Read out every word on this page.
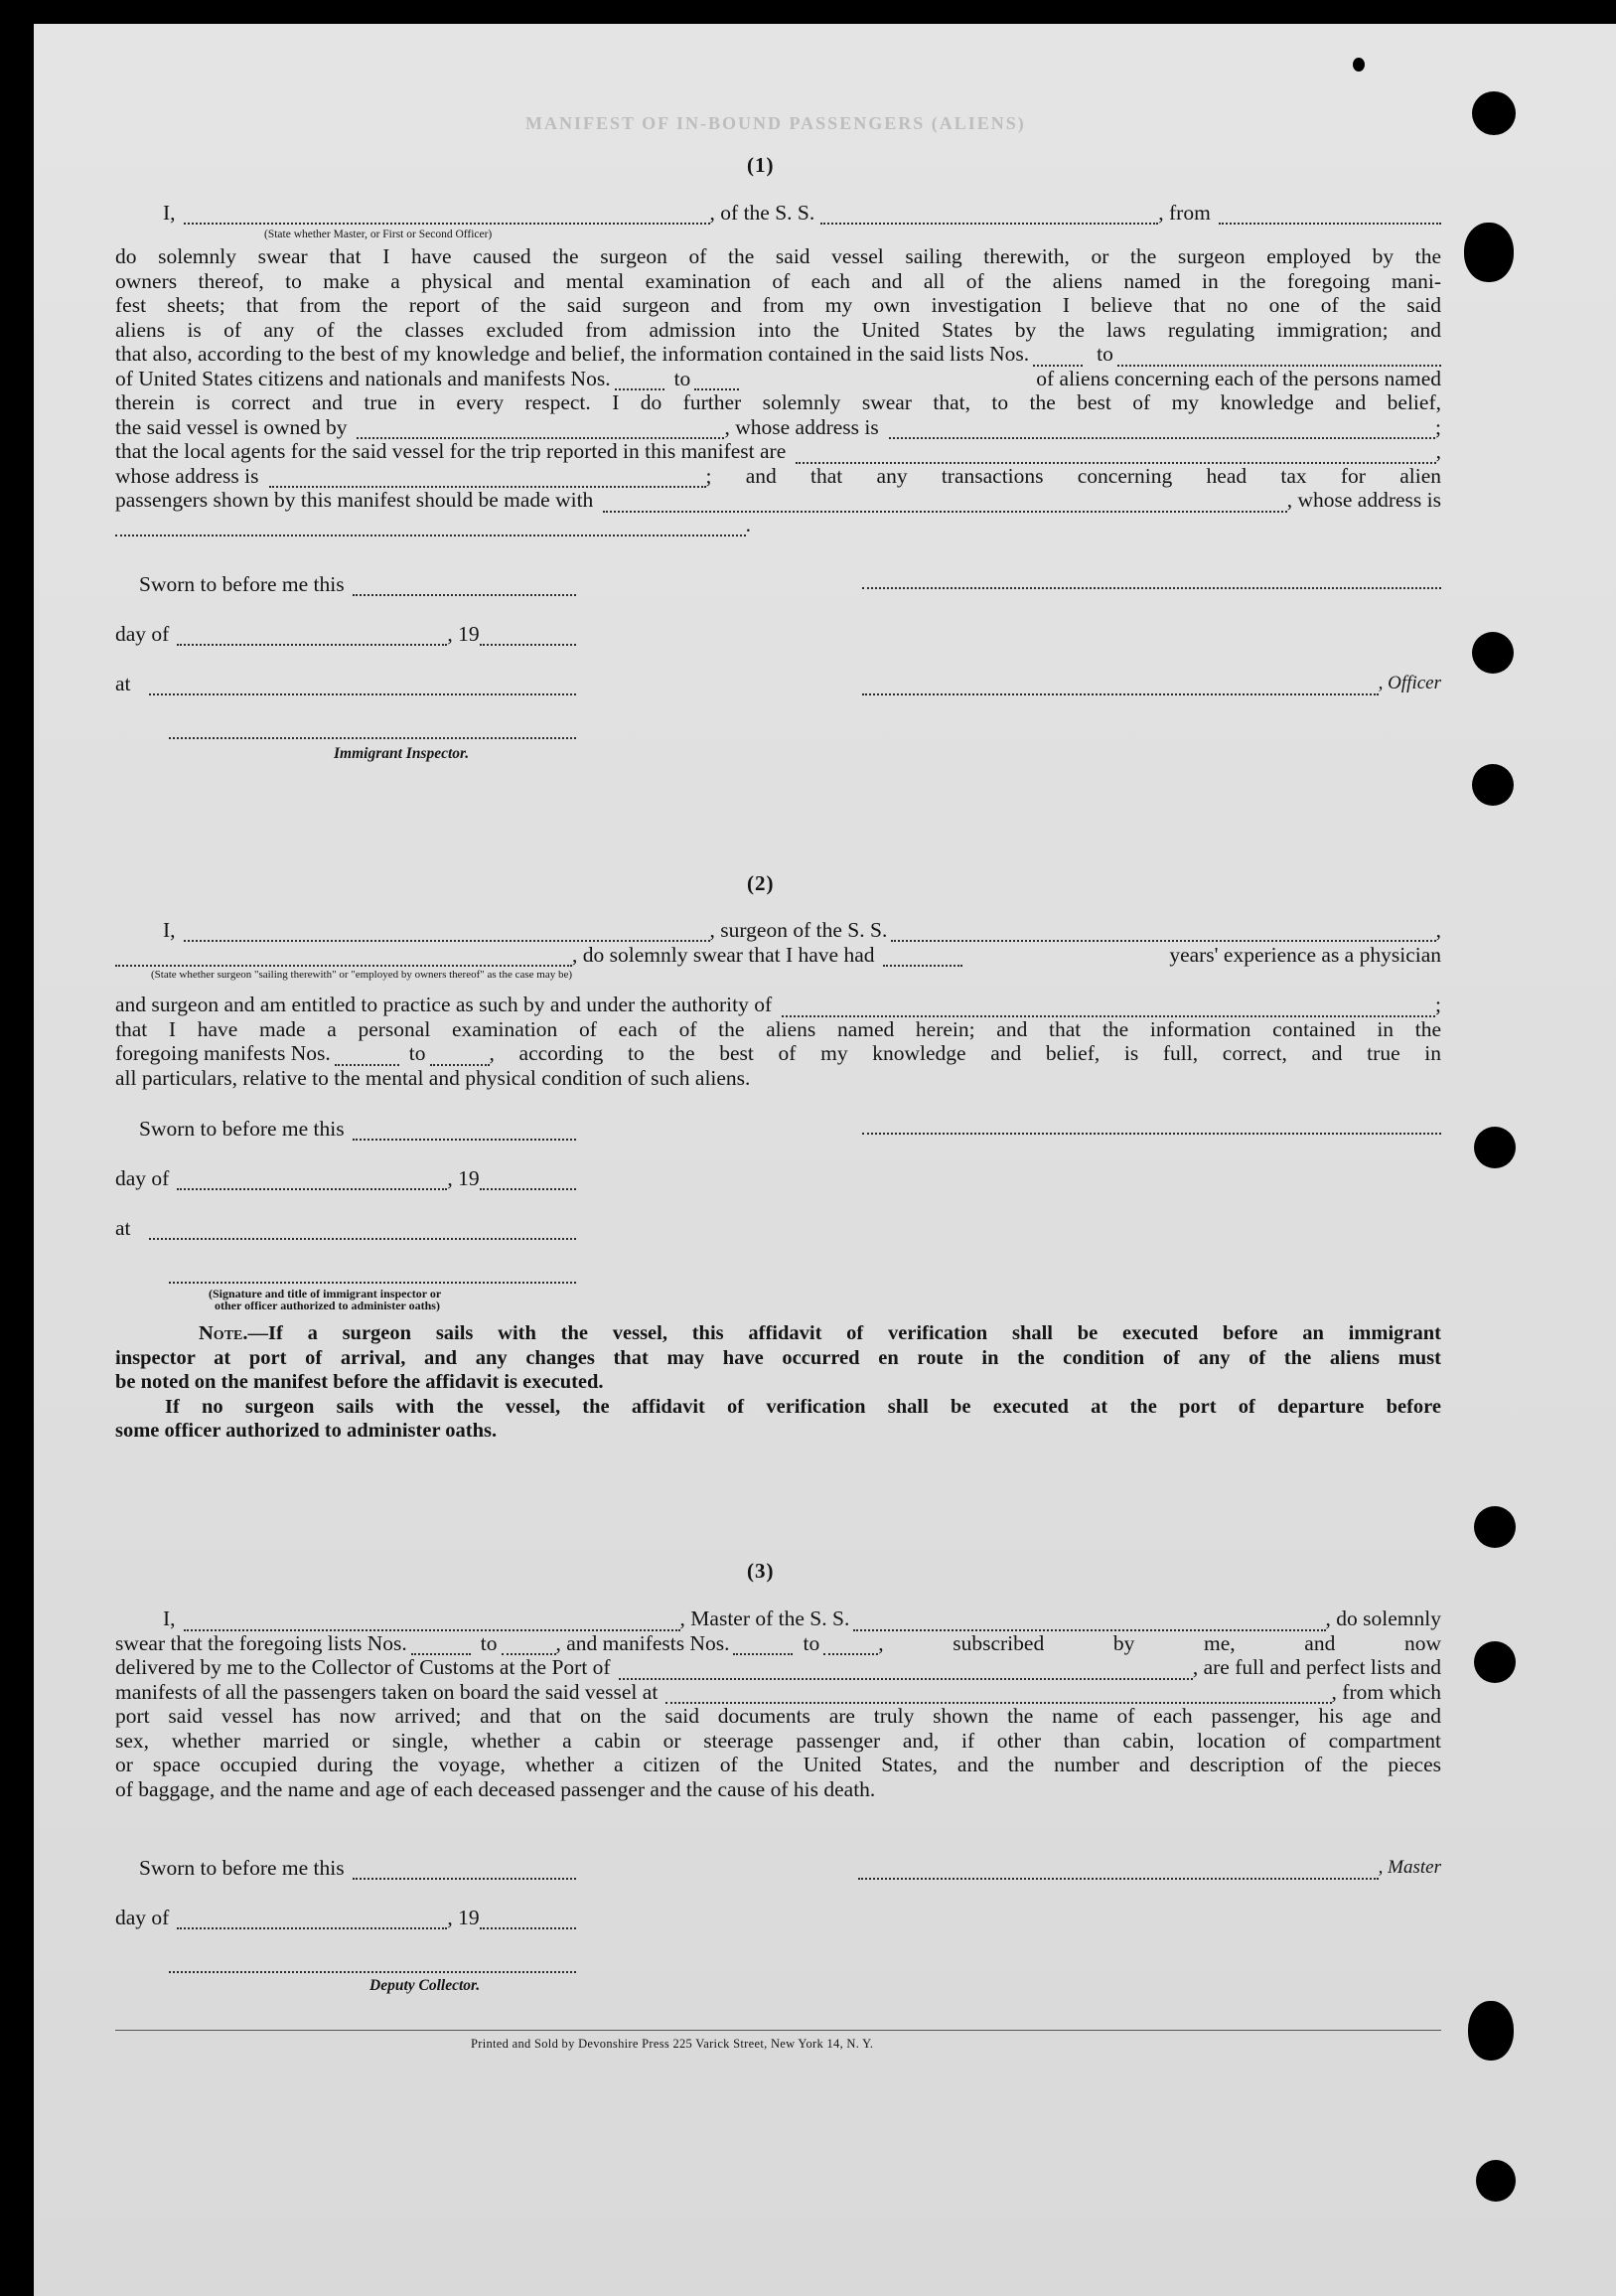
MANIFEST OF IN-BOUND PASSENGERS (ALIENS)
(1)
I,	, of the S. S.	, from
(State whether Master, or First or Second Officer)
do solemnly swear that I have caused the surgeon of the said vessel sailing therewith, or the surgeon employed by the
owners thereof, to make a physical and mental examination of each and all of the aliens named in the foregoing mani-
fest sheets; that from the report of the said surgeon and from my own investigation I believe that no one of the said
aliens is of any of the classes excluded from admission into the United States by the laws regulating immigration; and
that also, according to the best of my knowledge and belief, the information contained in the said lists Nos.	to
of United States citizens and nationals and manifests Nos.	to	of aliens concerning each of the persons named
therein is correct and true in every respect. I do further solemnly swear that, to the best of my knowledge and belief,
the said vessel is owned by	, whose address is	;
that the local agents for the said vessel for the trip reported in this manifest are	,
whose address is	; and that any transactions concerning head tax for alien
passengers shown by this manifest should be made with	, whose address is
.
Sworn to before me this
day of	, 19
at	, Officer
Immigrant Inspector.
(2)
I,	, surgeon of the S. S.	,
, do solemnly swear that I have had	years' experience as a physician
(State whether surgeon "sailing therewith" or "employed by owners thereof" as the case may be)
and surgeon and am entitled to practice as such by and under the authority of	;
that I have made a personal examination of each of the aliens named herein; and that the information contained in the
foregoing manifests Nos.	to	, according to the best of my knowledge and belief, is full, correct, and true in
all particulars, relative to the mental and physical condition of such aliens.
Sworn to before me this
day of	, 19
at
(Signature and title of immigrant inspector or
other officer authorized to administer oaths)
Note.—If a surgeon sails with the vessel, this affidavit of verification shall be executed before an immigrant
inspector at port of arrival, and any changes that may have occurred en route in the condition of any of the aliens must
be noted on the manifest before the affidavit is executed.
If no surgeon sails with the vessel, the affidavit of verification shall be executed at the port of departure before
some officer authorized to administer oaths.
(3)
I,	, Master of the S. S.	, do solemnly
swear that the foregoing lists Nos.	to	, and manifests Nos.	to	, subscribed by me, and now
delivered by me to the Collector of Customs at the Port of	, are full and perfect lists and
manifests of all the passengers taken on board the said vessel at	, from which
port said vessel has now arrived; and that on the said documents are truly shown the name of each passenger, his age and
sex, whether married or single, whether a cabin or steerage passenger and, if other than cabin, location of compartment
or space occupied during the voyage, whether a citizen of the United States, and the number and description of the pieces
of baggage, and the name and age of each deceased passenger and the cause of his death.
Sworn to before me this	, Master
day of	, 19
Deputy Collector.
Printed and Sold by Devonshire Press 225 Varick Street, New York 14, N. Y.
